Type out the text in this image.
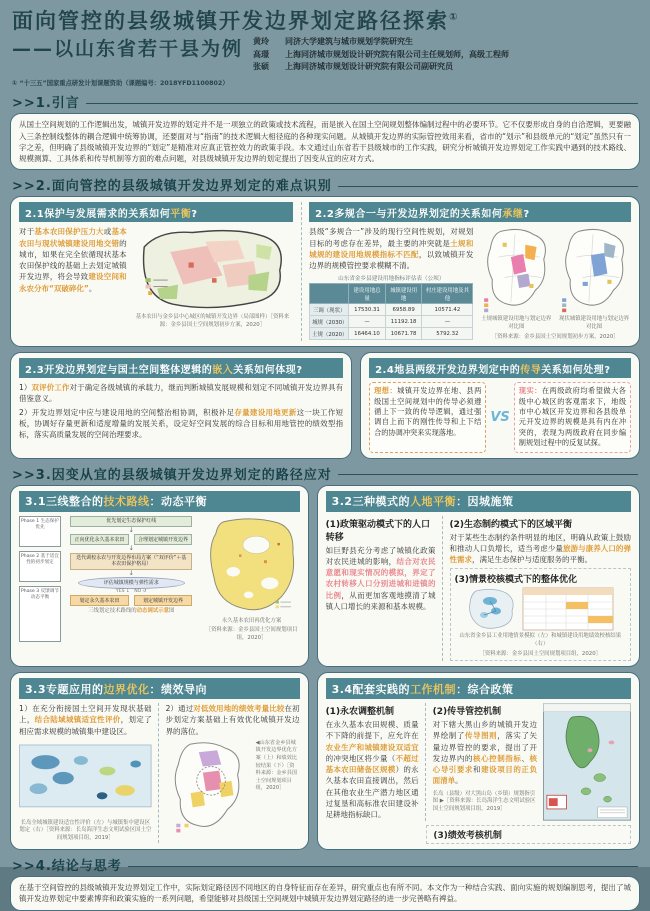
面向管控的县级城镇开发边界划定路径探索①
——以山东省若干县为例 黄玲	同济大学建筑与城市规划学院研究生
高璟	上海同济城市规划设计研究院有限公司主任规划师，高级工程师
张硕	上海同济城市规划设计研究院有限公司副研究员
① “十三五”国家重点研发计划课题资助（课题编号：2018YFD1100802）
>>1.引言
从国土空间规划的工作逻辑出发，城镇开发边界的划定并不是一项独立的政策或技术流程，而是嵌入在国土空间规划整体编制过程中的必要环节。它不仅要形成自身的自洽逻辑，更要融入三条控制线整体的耦合逻辑中统筹协调，还要面对与“指南”的技术逻辑大相径庭的各种现实问题。从城镇开发边界的实际管控效用来看，省市的“划示”和县级单元的“划定”虽然只有一字之差，但明确了县级城镇开发边界的“划定”是精准对应真正管控效力的政策手段。本文通过山东省若干县级城市的工作实践，研究分析城镇开发边界划定工作实践中遇到的技术路线、规模测算、工具体系和传导机制等方面的难点问题，对县级城镇开发边界的划定提出了因变从宜的应对方式。
>>2.面向管控的县级城镇开发边界划定的难点识别
2.1保护与发展需求的关系如何平衡?
对于基本农田保护压力大或基本农田与现状城镇建设用地交错的城市，如果在完全依循现状基本农田保护线的基础上去划定城镇开发边界，将会导致建设空间和永农分布“双破碎化”。
基本农田与金乡县中心城区的城镇开发边界（局部图样）［资料来源：金乡县国土空间规划初步方案，2020］
2.2多规合一与开发边界划定的关系如何承继?
县级“多规合一”涉及的现行空间性规划，对规划目标的考虑存在差异，最主要的冲突就是土规和城规的建设用地规模指标不匹配，以致城镇开发边界的规模管控要求模糊不清。
山东省金乡县建设用地指标评估表（公顷）
	建设用地总量	城镇建设用地	村庄建设用地及其他
三调（现状）	17530.31	6958.89	10571.42
城规（2030）	—	11192.18	—
土规（2020）	16464.10	10671.78	5792.32
土规城镇建设用地与划定边界对比图
现状城镇建设用地与划定边界对比图
［资料来源：金乡县国土空间规划初步方案，2020］
2.3开发边界划定与国土空间整体逻辑的嵌入关系如何体现?
1）双评价工作对于确定各级城镇的承载力，继而判断城镇发展规模和划定不同城镇开发边界具有借鉴意义。
2）开发边界划定中应与建设用地的空间整治相协调，积极补足存量建设用地更新这一块工作短板，协调好存量更新和适度增量的发展关系，设定好空间发展的综合目标和用地管控的绩效型指标，落实高质量发展的空间治理要求。
2.4地县两级开发边界划定中的传导关系如何处理?
理想：城镇开发边界在地、县两级国土空间规划中的传导必须遵循上下一致的传导逻辑，通过强调自上而下的刚性传导和上下结合的协调冲突来实现落地。
VS
现实：在两级政府均希望做大各级中心城区的客观需求下，地级市中心城区开发边界和各县级单元开发边界的规模是具有内在冲突的，表现为两级政府在同步编制规划过程中的反复试探。
>>3.因变从宜的县级城镇开发边界划定的路径应对
3.1三线整合的技术路线：动态平衡
Phase 1 生态保护优先
Phase 2 基于适宜性的初步划定
Phase 3 反馈调节动态平衡
优先划定生态保护红线
↓
正向优化永久基本农田	合理划定城镇开发边界
↓
迭代调校永农与开发边界布局方案（“双评价”＋基本农田保护格局）
↓
评估城镇规模与弹性需求
YES ↓   NO ↺
划定永久基本农田	划定城镇开发边界
三线划定技术路线的动态调试示意图
永久基本农田再优化方案
［资料来源：金乡县国土空间规划项目组，2020］
3.2三种模式的人地平衡：因城施策
(1)政策驱动模式下的人口转移
如巨野县充分考虑了城镇化政策对农民进城的影响，结合对农民意愿和现实情况的模拟，界定了农村转移人口分别进城和进镇的比例，从而更加客观地摸清了城镇人口增长的来源和基本规模。
(2)生态制约模式下的区域平衡
对于某些生态制约条件明显的地区，明确从政策上鼓励和推动人口负增长，适当考虑少量旅游与康养人口的弹性需求，满足生态保护与适度服务的平衡。
(3)情景校核模式下的整体优化
山东省金乡县工业用地情景模拟（左）和城镇建设用地绩效校核结果（右）
［资料来源：金乡县国土空间规划项目组，2020］
3.3专题应用的边界优化：绩效导向
1）在充分衔接国土空间开发现状基础上，结合陆域城镇适宜性评价，划定了相应需求规模的城镇集中建设区。
长岛全域城镇建设适宜性评价（左）与城镇集中建设区划定（右）［资料来源：长岛海洋生态文明试验区国土空间规划项目组，2019］
2）通过对低效用地的绩效考量比较在初步划定方案基础上有效优化城镇开发边界的落位。
◀山东省金乡县城镇开发边界优化方案（上）和绩效比较结果（下）［资料来源：金乡县国土空间规划项目组，2020］
3.4配套实践的工作机制：综合政策
(1)永农调整机制
在永久基本农田规模、质量不下降的前提下，应允许在农业生产和城镇建设双适宜的冲突地区将少量（不超过基本农田储备区规模）的永久基本农田直接调出，然后在其他农业生产潜力地区通过复垦和高标准农田建设补足耕地指标缺口。
(2)传导管控机制
对下辖大黑山乡的城镇开发边界绘制了传导图则，落实了矢量边界管控的要求，提出了开发边界内的核心控制指标、核心导引要求和建设项目的正负面清单。
长岛（县级）对大黑山岛（乡镇）规划指引图 ▶［资料来源：长岛海洋生态文明试验区国土空间规划项目组，2019］
(3)绩效考核机制
>>4.结论与思考
在基于空间管控的县级城镇开发边界划定工作中，实际划定路径因不同地区的自身特征而存在差异，研究重点也有所不同。本文作为一种结合实践、面向实施的规划编制思考，提出了城镇开发边界划定中要素博弈和政策实施的一系列问题，希望能够对县级国土空间规划中城镇开发边界划定路径的进一步完善略有裨益。
